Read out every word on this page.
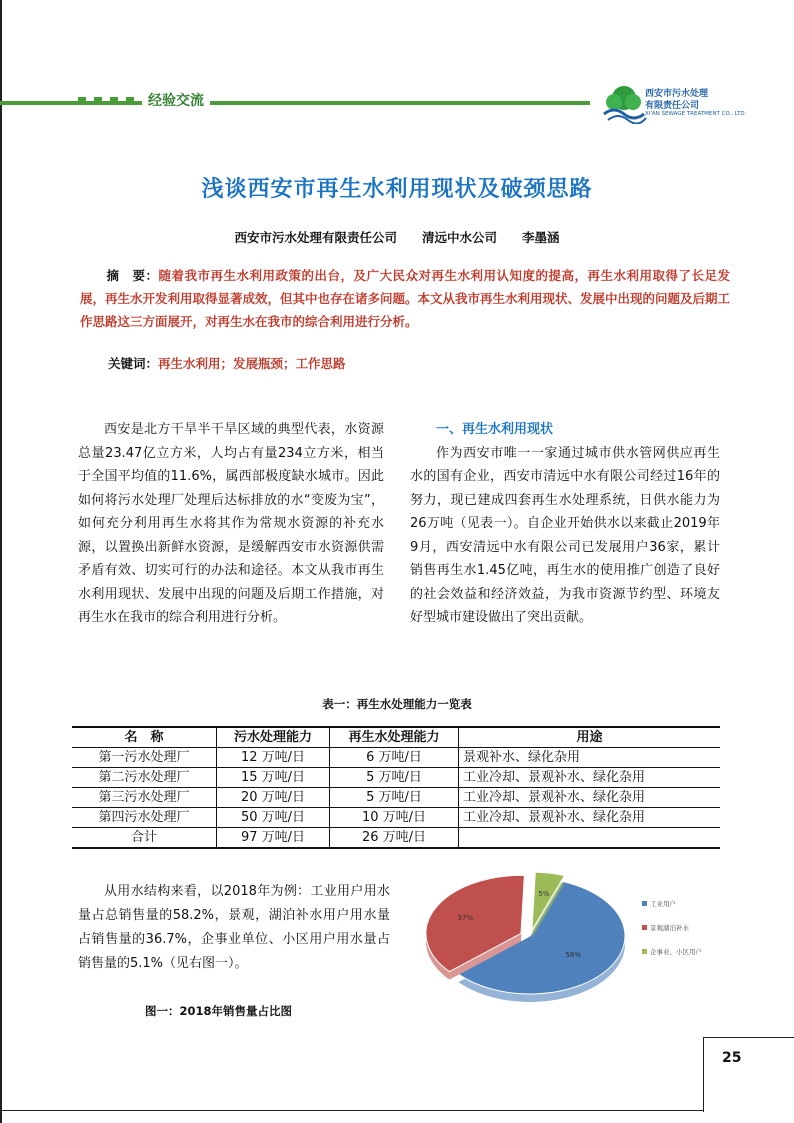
25
经验交流	西安市污水处理
有限责任公司
XI'AN SEWAGE TREATMENT CO., LTD.
浅谈西安市再生水利用现状及破颈思路
西安市污水处理有限责任公司　　清远中水公司　　李墨涵
摘　要：随着我市再生水利用政策的出台，及广大民众对再生水利用认知度的提高，再生水利用取得了长足发展，再生水开发利用取得显著成效，但其中也存在诸多问题。本文从我市再生水利用现状、发展中出现的问题及后期工作思路这三方面展开，对再生水在我市的综合利用进行分析。
关键词：再生水利用；发展瓶颈；工作思路

西安是北方干旱半干旱区域的典型代表，水资源总量23.47亿立方米，人均占有量234立方米，相当于全国平均值的11.6%，属西部极度缺水城市。因此如何将污水处理厂处理后达标排放的水“变废为宝”，如何充分利用再生水将其作为常规水资源的补充水源，以置换出新鲜水资源，是缓解西安市水资源供需矛盾有效、切实可行的办法和途径。本文从我市再生水利用现状、发展中出现的问题及后期工作措施，对再生水在我市的综合利用进行分析。

一、再生水利用现状

作为西安市唯一一家通过城市供水管网供应再生水的国有企业，西安市清远中水有限公司经过16年的努力，现已建成四套再生水处理系统，日供水能力为26万吨（见表一）。自企业开始供水以来截止2019年9月，西安清远中水有限公司已发展用户36家，累计销售再生水1.45亿吨，再生水的使用推广创造了良好的社会效益和经济效益，为我市资源节约型、环境友好型城市建设做出了突出贡献。

表一：再生水处理能力一览表
名　称	污水处理能力	再生水处理能力	用途
第一污水处理厂	12 万吨/日	6 万吨/日	景观补水、绿化杂用
第二污水处理厂	15 万吨/日	5 万吨/日	工业冷却、景观补水、绿化杂用
第三污水处理厂	20 万吨/日	5 万吨/日	工业冷却、景观补水、绿化杂用
第四污水处理厂	50 万吨/日	10 万吨/日	工业冷却、景观补水、绿化杂用
合计	97 万吨/日	26 万吨/日	

从用水结构来看，以2018年为例：工业用户用水量占总销售量的58.2%，景观，湖泊补水用户用水量占销售量的36.7%，企事业单位、小区用户用水量占销售量的5.1%（见右图一）。

图一：2018年销售量占比图
58%
37%
5%
工业用户
景观湖泊补水
企事业、小区用户
